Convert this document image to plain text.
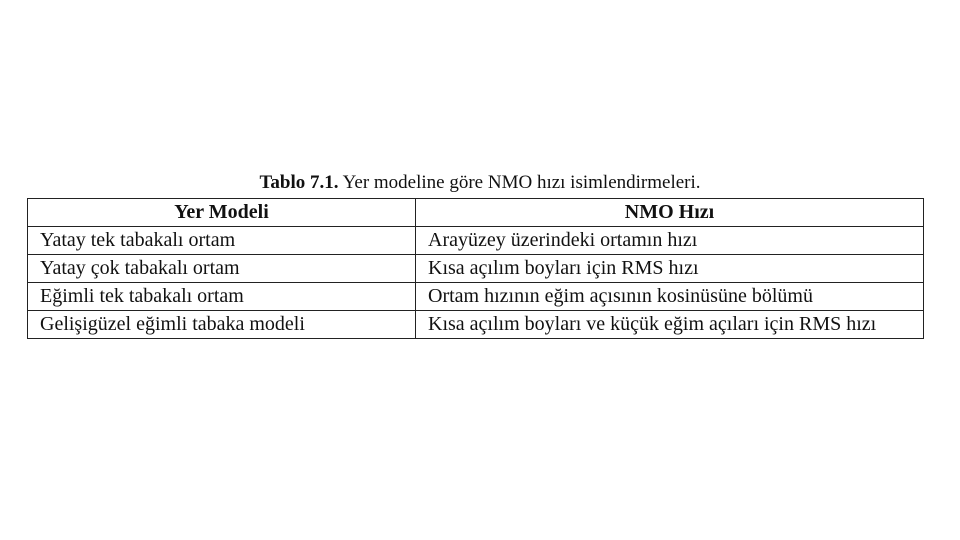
Tablo 7.1. Yer modeline göre NMO hızı isimlendirmeleri.
Yer Modeli	NMO Hızı
Yatay tek tabakalı ortam	Arayüzey üzerindeki ortamın hızı
Yatay çok tabakalı ortam	Kısa açılım boyları için RMS hızı
Eğimli tek tabakalı ortam	Ortam hızının eğim açısının kosinüsüne bölümü
Gelişigüzel eğimli tabaka modeli	Kısa açılım boyları ve küçük eğim açıları için RMS hızı
